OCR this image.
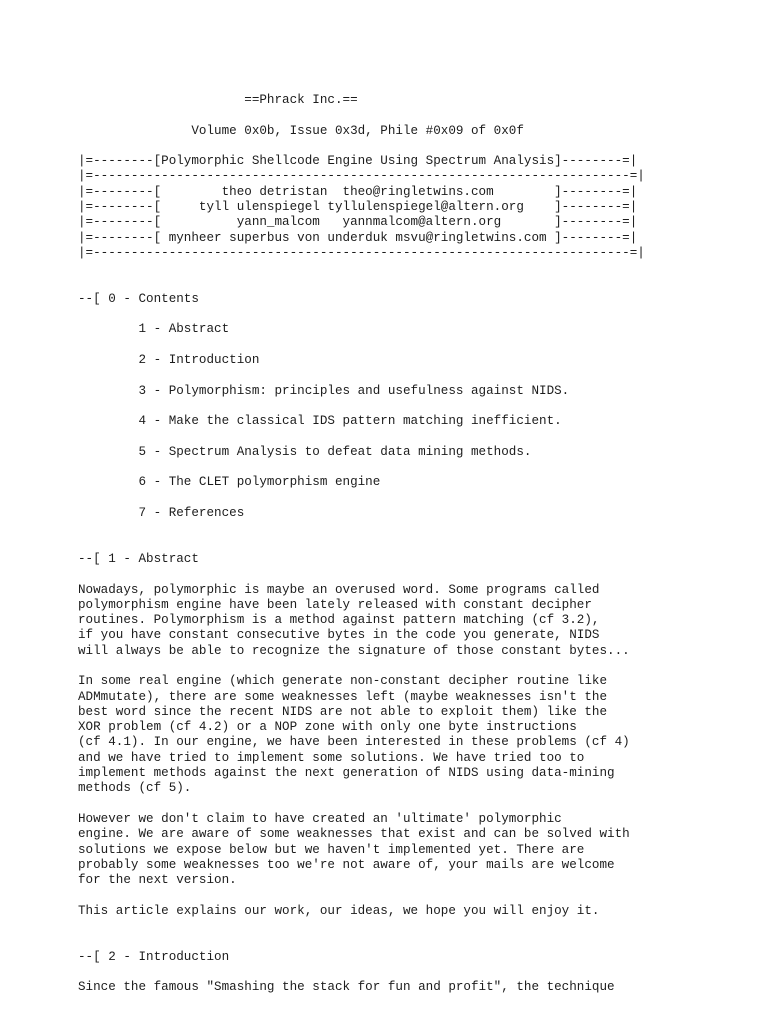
==Phrack Inc.==

Volume 0x0b, Issue 0x3d, Phile #0x09 of 0x0f

|=--------[Polymorphic Shellcode Engine Using Spectrum Analysis]--------=|
|=-----------------------------------------------------------------------=|
|=--------[        theo detristan  theo@ringletwins.com        ]--------=|
|=--------[     tyll ulenspiegel tyllulenspiegel@altern.org    ]--------=|
|=--------[          yann_malcom   yannmalcom@altern.org       ]--------=|
|=--------[ mynheer superbus von underduk msvu@ringletwins.com ]--------=|
|=-----------------------------------------------------------------------=|

--[ 0 - Contents

1 - Abstract

2 - Introduction

3 - Polymorphism: principles and usefulness against NIDS.

4 - Make the classical IDS pattern matching inefficient.

5 - Spectrum Analysis to defeat data mining methods.

6 - The CLET polymorphism engine

7 - References

--[ 1 - Abstract

Nowadays, polymorphic is maybe an overused word. Some programs called
polymorphism engine have been lately released with constant decipher
routines. Polymorphism is a method against pattern matching (cf 3.2),
if you have constant consecutive bytes in the code you generate, NIDS
will always be able to recognize the signature of those constant bytes...

In some real engine (which generate non-constant decipher routine like
ADMmutate), there are some weaknesses left (maybe weaknesses isn't the
best word since the recent NIDS are not able to exploit them) like the
XOR problem (cf 4.2) or a NOP zone with only one byte instructions
(cf 4.1). In our engine, we have been interested in these problems (cf 4)
and we have tried to implement some solutions. We have tried too to
implement methods against the next generation of NIDS using data-mining
methods (cf 5).

However we don't claim to have created an 'ultimate' polymorphic
engine. We are aware of some weaknesses that exist and can be solved with
solutions we expose below but we haven't implemented yet. There are
probably some weaknesses too we're not aware of, your mails are welcome
for the next version.

This article explains our work, our ideas, we hope you will enjoy it.

--[ 2 - Introduction

Since the famous "Smashing the stack for fun and profit", the technique
